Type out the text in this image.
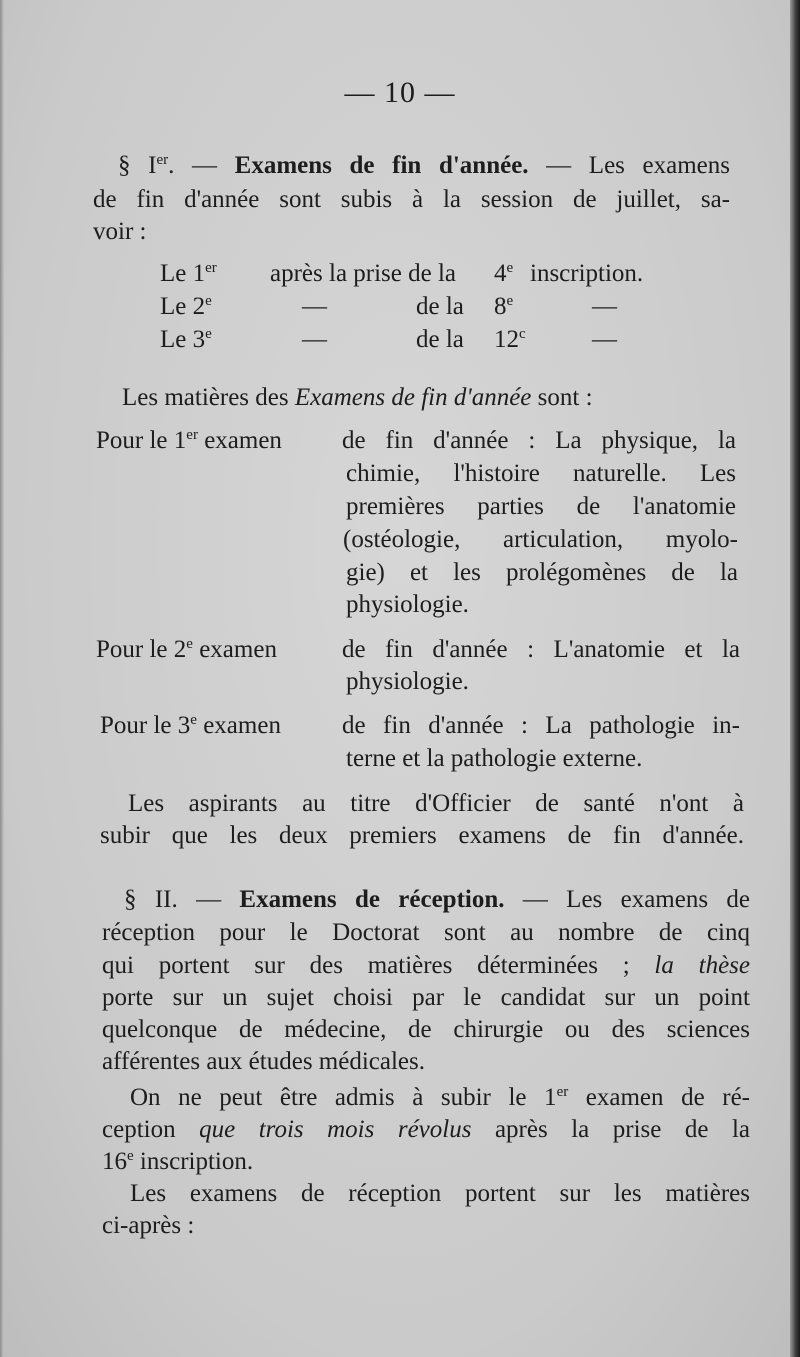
— 10 —
§ Ier. — Examens de fin d'année. — Les examens
de fin d'année sont subis à la session de juillet, sa-
voir :
Le 1er après la prise de la 4e inscription.
Le 2e	—	de la 8e	—
Le 3e	—	de la 12$^c$	—
Les matières des Examens de fin d'année sont :
Pour le 1er examen de fin d'année : La physique, la
chimie, l'histoire naturelle. Les
premières parties de l'anatomie
(ostéologie, articulation, myolo-
gie) et les prolégomènes de la
physiologie.
Pour le 2e examen	de fin d'année : L'anatomie et la
physiologie.
Pour le 3e examen de fin d'année : La pathologie in-
terne et la pathologie externe.
Les aspirants au titre d'Officier de santé n'ont à
subir que les deux premiers examens de fin d'année.
§ II. — Examens de réception. — Les examens de
réception pour le Doctorat sont au nombre de cinq
qui portent sur des matières déterminées ; la thèse
porte sur un sujet choisi par le candidat sur un point
quelconque de médecine, de chirurgie ou des sciences
afférentes aux études médicales.
On ne peut être admis à subir le 1er examen de ré-
ception que trois mois révolus après la prise de la
16e inscription.
Les examens de réception portent sur les matières
ci-après :
